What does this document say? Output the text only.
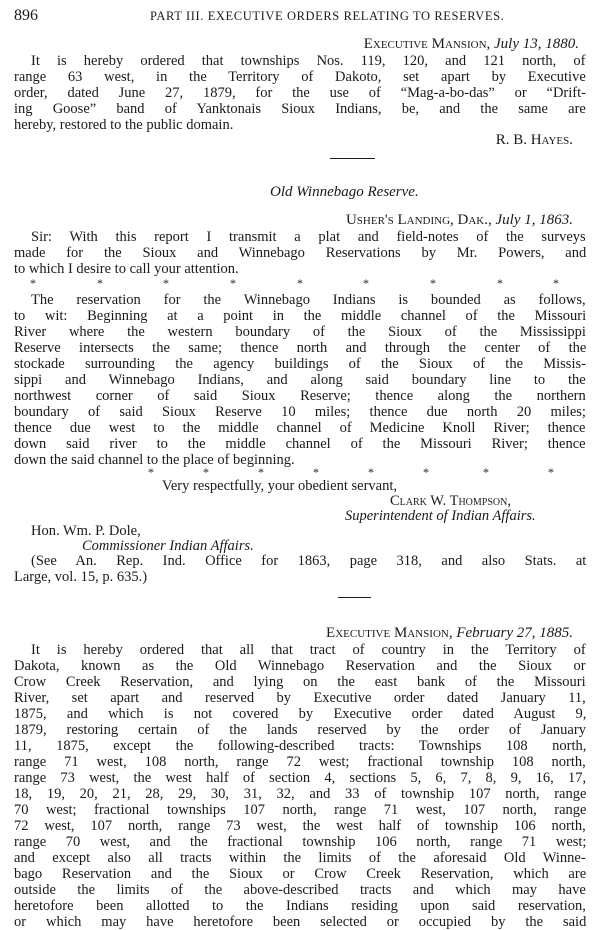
896	PART III. EXECUTIVE ORDERS RELATING TO RESERVES.
Executive Mansion, July 13, 1880.
It is hereby ordered that townships Nos. 119, 120, and 121 north, of
range 63 west, in the Territory of Dakoto, set apart by Executive
order, dated June 27, 1879, for the use of “Mag-a-bo-das” or “Drift-
ing Goose” band of Yanktonais Sioux Indians, be, and the same are
hereby, restored to the public domain.
R. B. Hayes.
Old Winnebago Reserve.
Usher's Landing, Dak., July 1, 1863.
Sir: With this report I transmit a plat and field-notes of the surveys
made for the Sioux and Winnebago Reservations by Mr. Powers, and
to which I desire to call your attention.
*	*	*	*	*	*	*	*	*
The reservation for the Winnebago Indians is bounded as follows,
to wit: Beginning at a point in the middle channel of the Missouri
River where the western boundary of the Sioux of the Mississippi
Reserve intersects the same; thence north and through the center of the
stockade surrounding the agency buildings of the Sioux of the Missis-
sippi and Winnebago Indians, and along said boundary line to the
northwest corner of said Sioux Reserve; thence along the northern
boundary of said Sioux Reserve 10 miles; thence due north 20 miles;
thence due west to the middle channel of Medicine Knoll River; thence
down said river to the middle channel of the Missouri River; thence
down the said channel to the place of beginning.
*	*	*	*	*	*	*	*
Very respectfully, your obedient servant,
Clark W. Thompson,
Superintendent of Indian Affairs.
Hon. Wm. P. Dole,
Commissioner Indian Affairs.
(See An. Rep. Ind. Office for 1863, page 318, and also Stats. at
Large, vol. 15, p. 635.)
Executive Mansion, February 27, 1885.
It is hereby ordered that all that tract of country in the Territory of
Dakota, known as the Old Winnebago Reservation and the Sioux or
Crow Creek Reservation, and lying on the east bank of the Missouri
River, set apart and reserved by Executive order dated January 11,
1875, and which is not covered by Executive order dated August 9,
1879, restoring certain of the lands reserved by the order of January
11, 1875, except the following-described tracts: Townships 108 north,
range 71 west, 108 north, range 72 west; fractional township 108 north,
range 73 west, the west half of section 4, sections 5, 6, 7, 8, 9, 16, 17,
18, 19, 20, 21, 28, 29, 30, 31, 32, and 33 of township 107 north, range
70 west; fractional townships 107 north, range 71 west, 107 north, range
72 west, 107 north, range 73 west, the west half of township 106 north,
range 70 west, and the fractional township 106 north, range 71 west;
and except also all tracts within the limits of the aforesaid Old Winne-
bago Reservation and the Sioux or Crow Creek Reservation, which are
outside the limits of the above-described tracts and which may have
heretofore been allotted to the Indians residing upon said reservation,
or which may have heretofore been selected or occupied by the said
